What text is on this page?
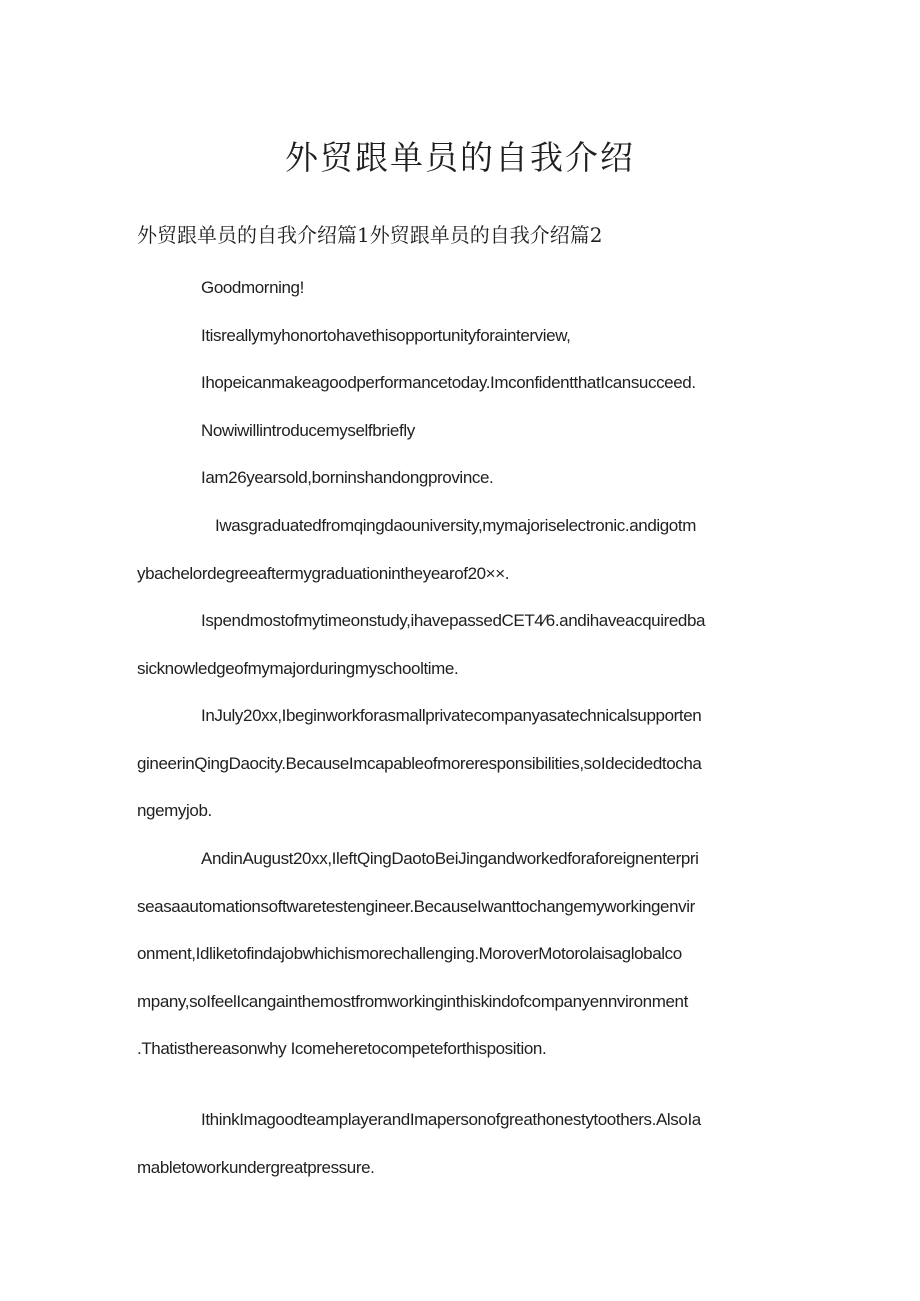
外贸跟单员的自我介绍
外贸跟单员的自我介绍篇1外贸跟单员的自我介绍篇2
Goodmorning!
Itisreallymyhonortohavethisopportunityforainterview,
Ihopeicanmakeagoodperformancetoday.ImconfidentthatIcansucceed.
Nowiwillintroducemyselfbriefly
Iam26yearsold,borninshandongprovince.
Iwasgraduatedfromqingdaouniversity,mymajoriselectronic.andigotm
ybachelordegreeaftermygraduationintheyearof20××.
Ispendmostofmytimeonstudy,ihavepassedCET4⁄6.andihaveacquiredba
sicknowledgeofmymajorduringmyschooltime.
InJuly20xx,Ibeginworkforasmallprivatecompanyasatechnicalsupporten
gineerinQingDaocity.BecauseImcapableofmoreresponsibilities,soIdecidedtocha
ngemyjob.
AndinAugust20xx,IleftQingDaotoBeiJingandworkedforaforeignenterpri
seasaautomationsoftwaretestengineer.BecauseIwanttochangemyworkingenvir
onment,Idliketofindajobwhichismorechallenging.MoroverMotorolaisaglobalco
mpany,soIfeelIcangainthemostfromworkinginthiskindofcompanyennvironment
.Thatisthereasonwhy Icomeheretocompeteforthisposition.
IthinkImagoodteamplayerandImapersonofgreathonestytoothers.AlsoIa
mabletoworkundergreatpressure.
